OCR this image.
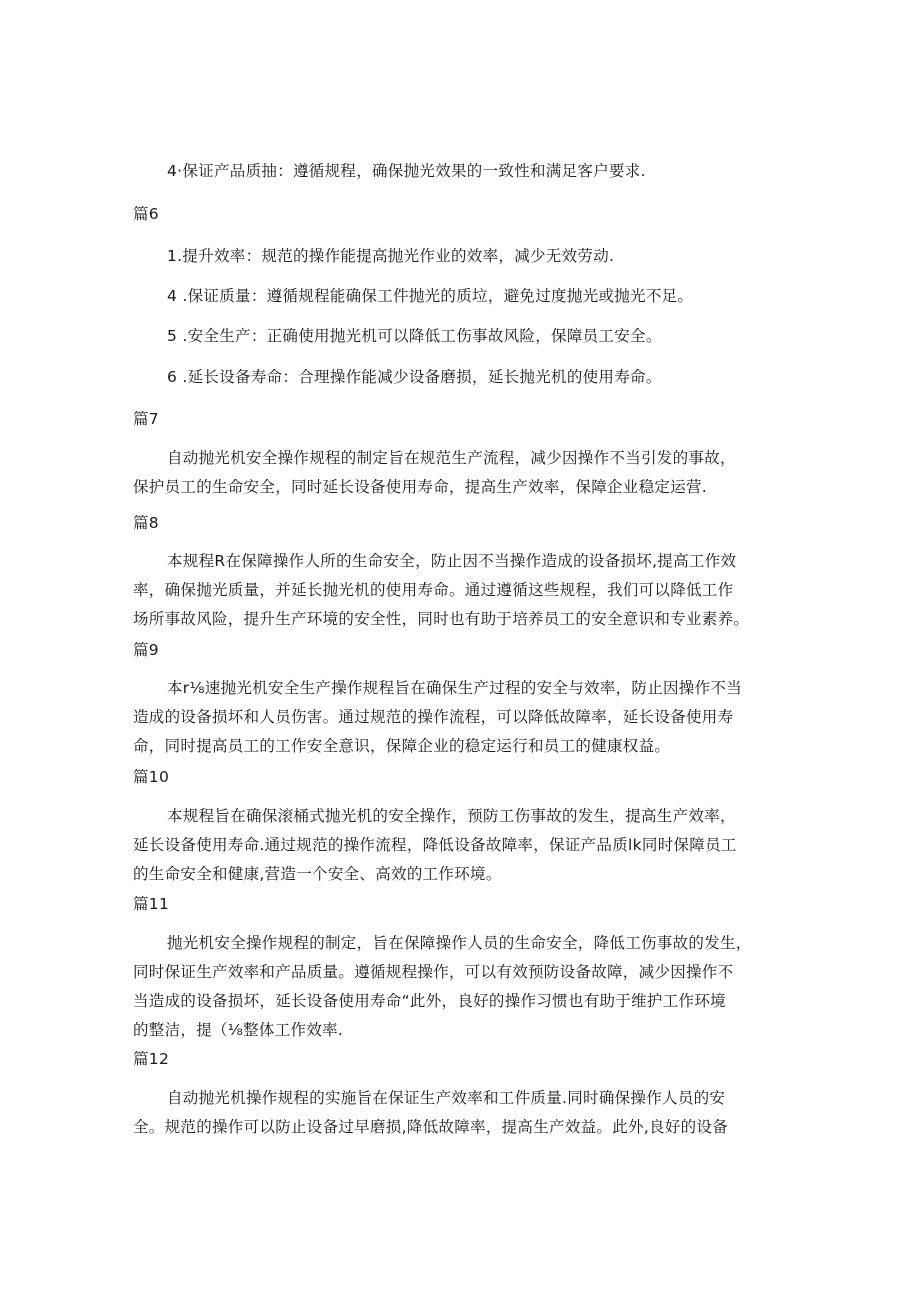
4·保证产品质抽：遵循规程，确保抛光效果的一致性和满足客户要求.
篇6
1.提升效率：规范的操作能提高抛光作业的效率，减少无效劳动.
4 .保证质量：遵循规程能确保工件抛光的质垃，避免过度抛光或抛光不足。
5 .安全生产：正确使用抛光机可以降低工伤事故风险，保障员工安全。
6 .延长设备寿命：合理操作能减少设备磨损，延长抛光机的使用寿命。
篇7
自动抛光机安全操作规程的制定旨在规范生产流程，减少因操作不当引发的事故，
保护员工的生命安全，同时延长设备使用寿命，提高生产效率，保障企业稳定运营.
篇8
本规程R在保障操作人所的生命安全，防止因不当操作造成的设备损坏,提高工作效
率，确保抛光质量，并延长抛光机的使用寿命。通过遵循这些规程，我们可以降低工作
场所事故风险，提升生产环境的安全性，同时也有助于培养员工的安全意识和专业素养。
篇9
本r⅛速抛光机安全生产操作规程旨在确保生产过程的安全与效率，防止因操作不当
造成的设备损坏和人员伤害。通过规范的操作流程，可以降低故障率，延长设备使用寿
命，同时提高员工的工作安全意识，保障企业的稳定运行和员工的健康权益。
篇10
本规程旨在确保滚桶式抛光机的安全操作，预防工伤事故的发生，提高生产效率，
延长设备使用寿命.通过规范的操作流程，降低设备故障率，保证产品质lk同时保障员工
的生命安全和健康,营造一个安全、高效的工作环境。
篇11
抛光机安全操作规程的制定，旨在保障操作人员的生命安全，降低工伤事故的发生，
同时保证生产效率和产品质量。遵循规程操作，可以有效预防设备故障，减少因操作不
当造成的设备损坏，延长设备使用寿命“此外，良好的操作习惯也有助于维护工作环境
的整洁，提（⅛整体工作效率.
篇12
自动抛光机操作规程的实施旨在保证生产效率和工件质量.同时确保操作人员的安
全。规范的操作可以防止设备过早磨损,降低故障率，提高生产效益。此外,良好的设备
